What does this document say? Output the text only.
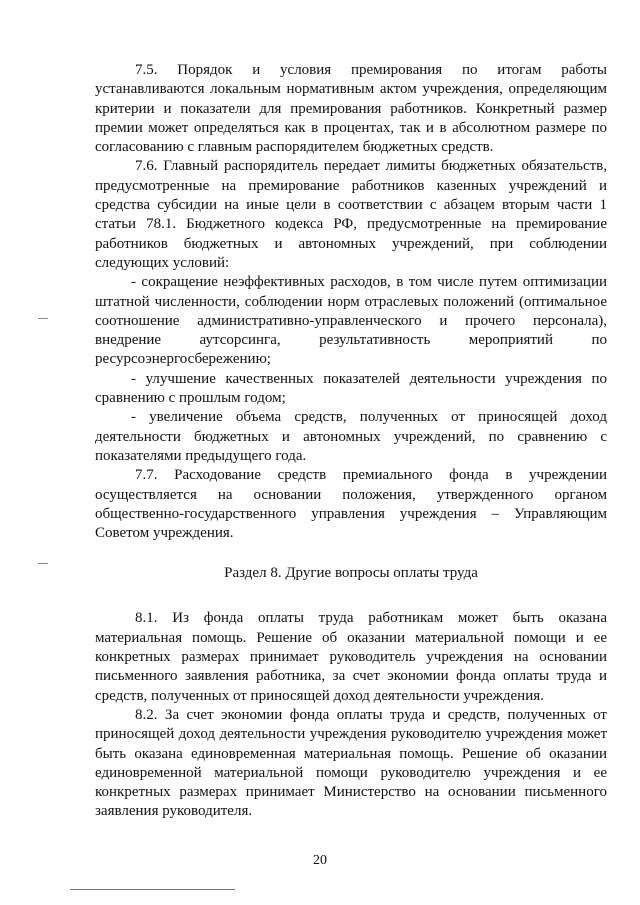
7.5. Порядок и условия премирования по итогам работы устанавливаются локальным нормативным актом учреждения, определяющим критерии и показатели для премирования работников. Конкретный размер премии может определяться как в процентах, так и в абсолютном размере по согласованию с главным распорядителем бюджетных средств.

7.6. Главный распорядитель передает лимиты бюджетных обязательств, предусмотренные на премирование работников казенных учреждений и средства субсидии на иные цели в соответствии с абзацем вторым части 1 статьи 78.1. Бюджетного кодекса РФ, предусмотренные на премирование работников бюджетных и автономных учреждений, при соблюдении следующих условий:

- сокращение неэффективных расходов, в том числе путем оптимизации штатной численности, соблюдении норм отраслевых положений (оптимальное соотношение административно-управленческого и прочего персонала), внедрение аутсорсинга, результативность мероприятий по ресурсоэнергосбережению;

- улучшение качественных показателей деятельности учреждения по сравнению с прошлым годом;

- увеличение объема средств, полученных от приносящей доход деятельности бюджетных и автономных учреждений, по сравнению с показателями предыдущего года.

7.7. Расходование средств премиального фонда в учреждении осуществляется на основании положения, утвержденного органом общественно-государственного управления учреждения – Управляющим Советом учреждения.

Раздел 8. Другие вопросы оплаты труда

8.1. Из фонда оплаты труда работникам может быть оказана материальная помощь. Решение об оказании материальной помощи и ее конкретных размерах принимает руководитель учреждения на основании письменного заявления работника, за счет экономии фонда оплаты труда и средств, полученных от приносящей доход деятельности учреждения.

8.2. За счет экономии фонда оплаты труда и средств, полученных от приносящей доход деятельности учреждения руководителю учреждения может быть оказана единовременная материальная помощь. Решение об оказании единовременной материальной помощи руководителю учреждения и ее конкретных размерах принимает Министерство на основании письменного заявления руководителя.

20
